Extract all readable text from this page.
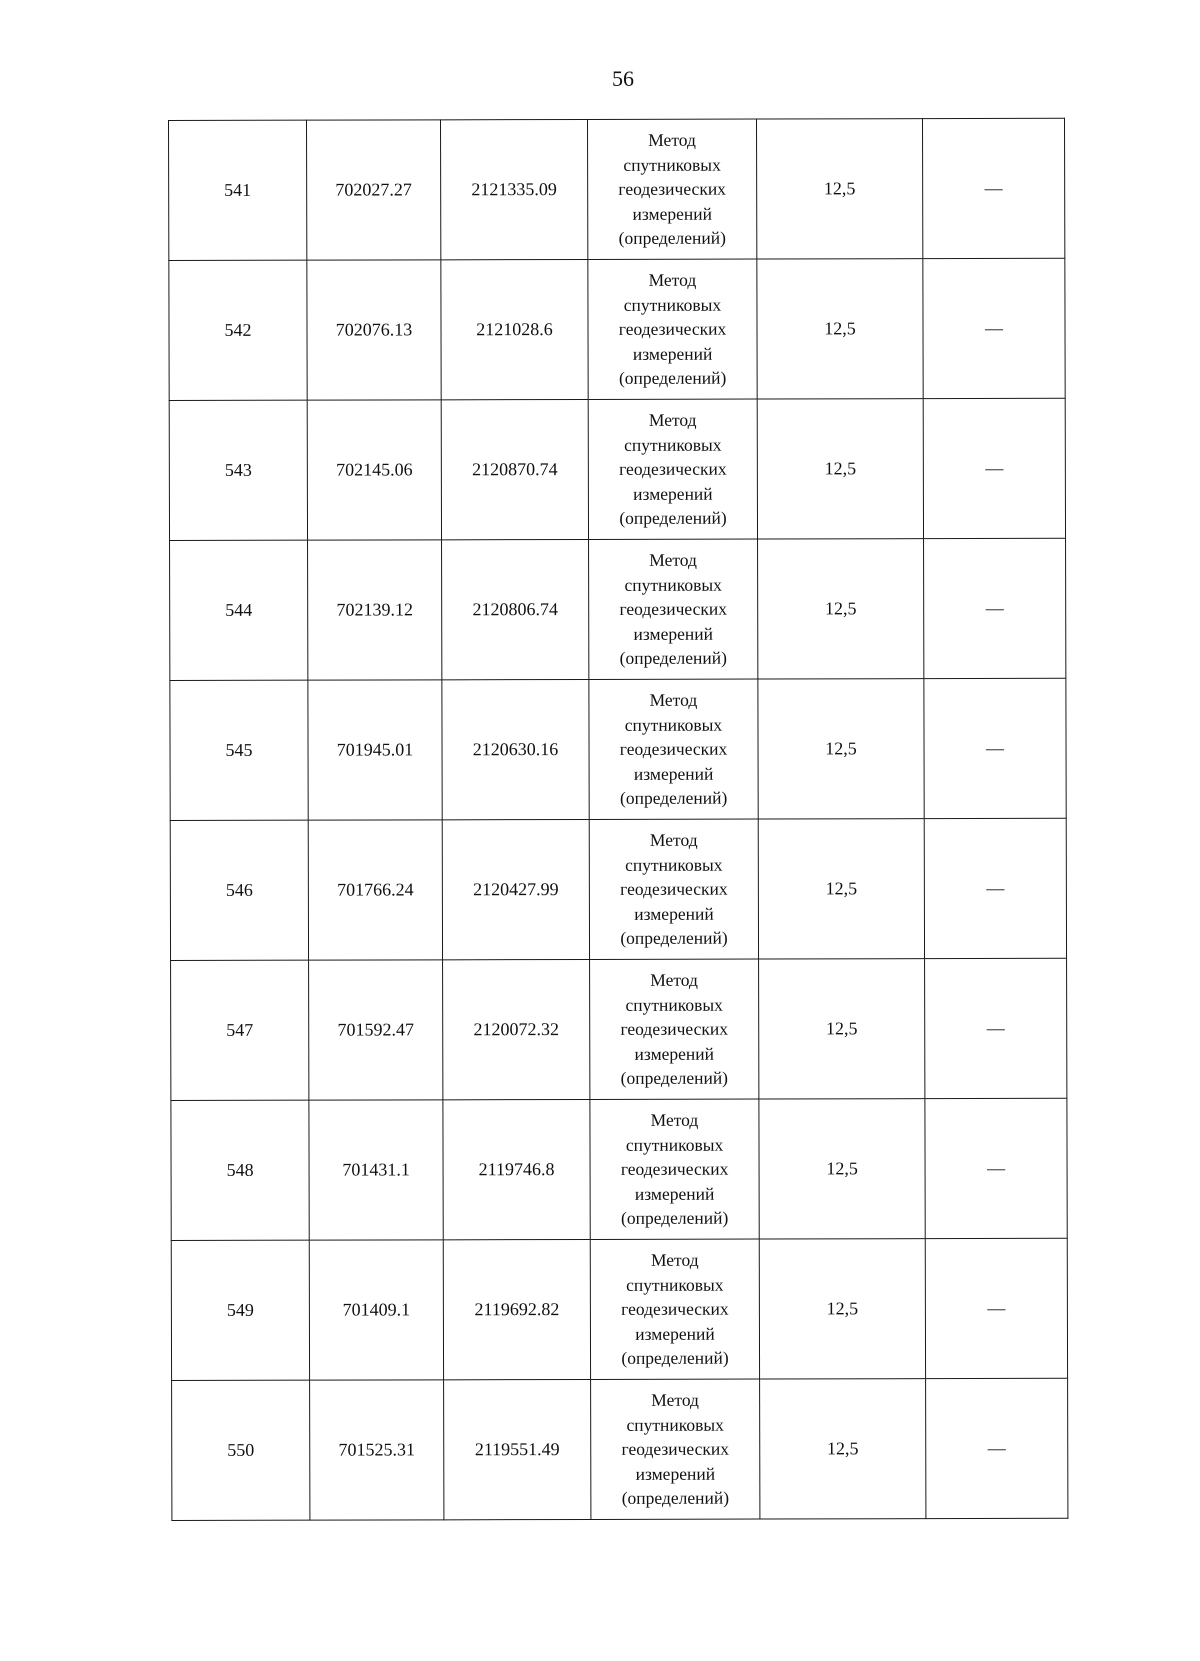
56
541	702027.27	2121335.09	Метод
спутниковых
геодезических
измерений
(определений)	12,5	—
542	702076.13	2121028.6	Метод
спутниковых
геодезических
измерений
(определений)	12,5	—
543	702145.06	2120870.74	Метод
спутниковых
геодезических
измерений
(определений)	12,5	—
544	702139.12	2120806.74	Метод
спутниковых
геодезических
измерений
(определений)	12,5	—
545	701945.01	2120630.16	Метод
спутниковых
геодезических
измерений
(определений)	12,5	—
546	701766.24	2120427.99	Метод
спутниковых
геодезических
измерений
(определений)	12,5	—
547	701592.47	2120072.32	Метод
спутниковых
геодезических
измерений
(определений)	12,5	—
548	701431.1	2119746.8	Метод
спутниковых
геодезических
измерений
(определений)	12,5	—
549	701409.1	2119692.82	Метод
спутниковых
геодезических
измерений
(определений)	12,5	—
550	701525.31	2119551.49	Метод
спутниковых
геодезических
измерений
(определений)	12,5	—
